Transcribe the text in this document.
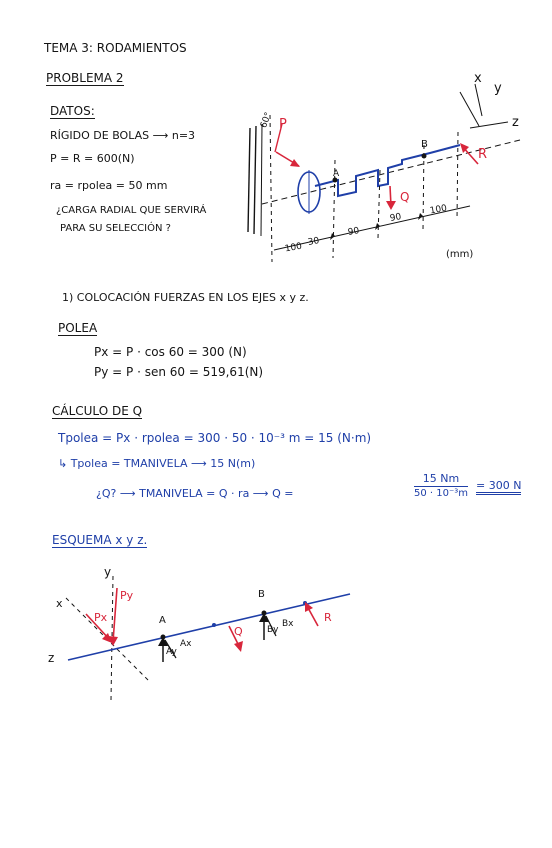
TEMA 3: RODAMIENTOS
PROBLEMA 2
DATOS:
RÍGIDO DE BOLAS ⟶ n=3
P = R = 600(N)
ra = rpolea = 50 mm
¿CARGA RADIAL QUE SERVIRÁ
PARA SU SELECCIÓN ?
60° P
A
B
Q
R
x
y
z
100 30
90
90
100
(mm)
1) COLOCACIÓN FUERZAS EN LOS EJES x y z.
POLEA
Px = P · cos 60 = 300 (N)
Py = P · sen 60 = 519,61(N)
CÁLCULO DE Q
Tpolea = Px · rpolea = 300 · 50 · 10⁻³ m = 15 (N·m)
↳ Tpolea = TMANIVELA ⟶ 15 N(m)
¿Q? ⟶ TMANIVELA = Q · ra ⟶ Q =	$\frac{15 Nm}{\text{50 · 10⁻³m}} = 300$ N
ESQUEMA x y z.
y
x
z
Py
Px	A
B
Ay
Ax
By
Bx
Q
R
